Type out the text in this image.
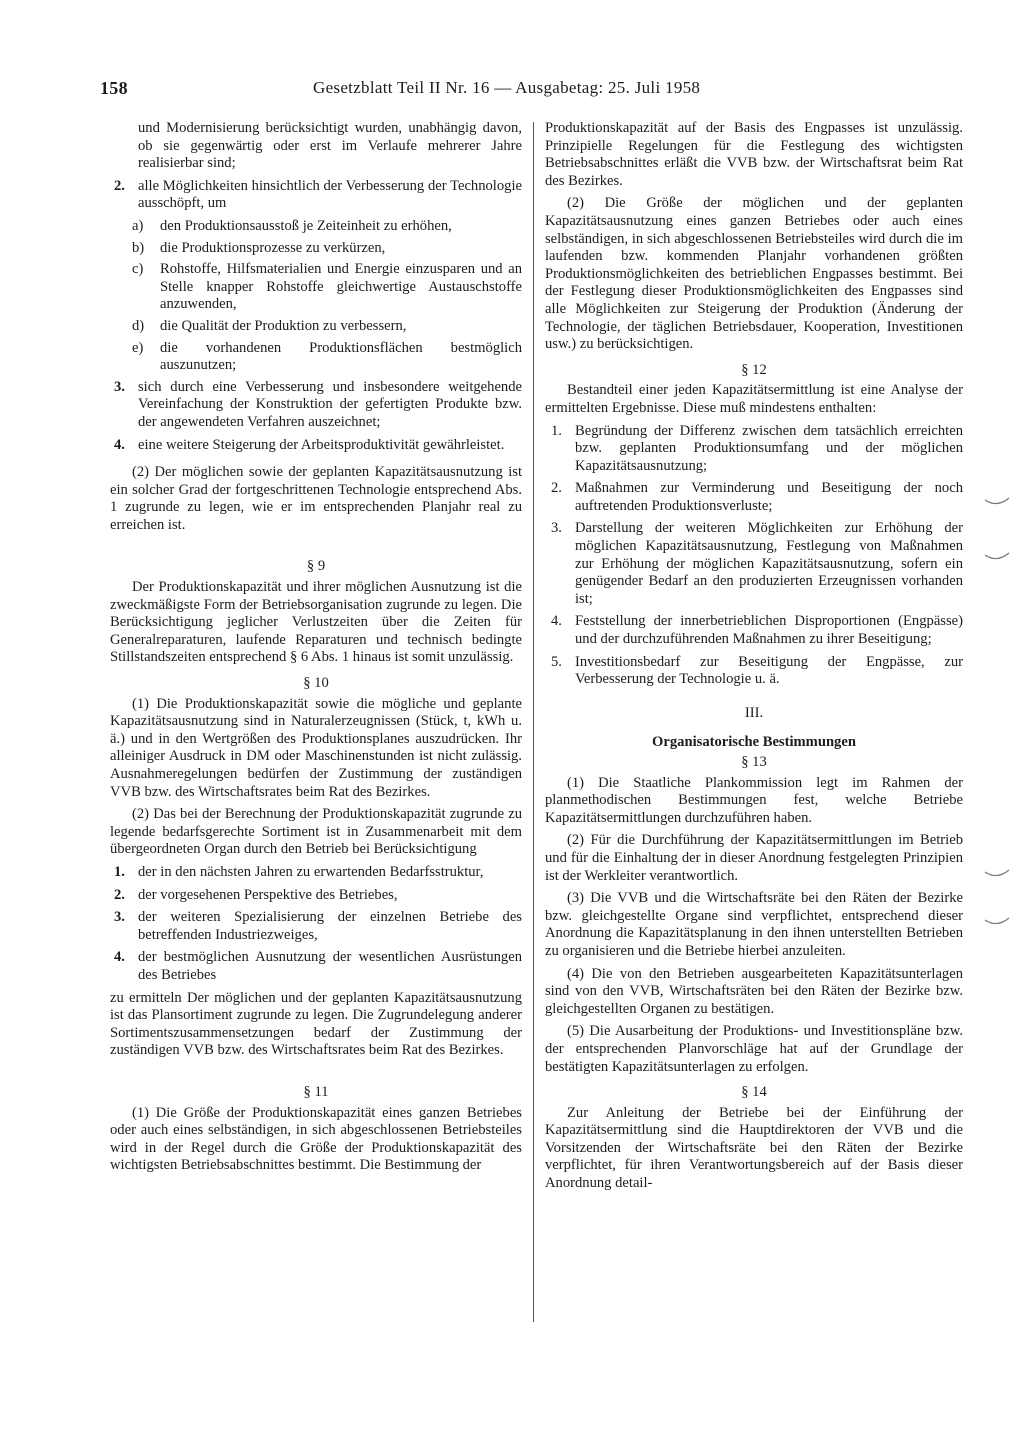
158	Gesetzblatt Teil II Nr. 16 — Ausgabetag: 25. Juli 1958

und Modernisierung berücksichtigt wurden, unabhängig davon, ob sie gegenwärtig oder erst im Verlaufe mehrerer Jahre realisierbar sind;

2. alle Möglichkeiten hinsichtlich der Verbesserung der Technologie ausschöpft, um
a) den Produktionsausstoß je Zeiteinheit zu erhöhen,
b) die Produktionsprozesse zu verkürzen,
c) Rohstoffe, Hilfsmaterialien und Energie einzusparen und an Stelle knapper Rohstoffe gleichwertige Austauschstoffe anzuwenden,
d) die Qualität der Produktion zu verbessern,
e) die vorhandenen Produktionsflächen bestmöglich auszunutzen;
3. sich durch eine Verbesserung und insbesondere weitgehende Vereinfachung der Konstruktion der gefertigten Produkte bzw. der angewendeten Verfahren auszeichnet;
4. eine weitere Steigerung der Arbeitsproduktivität gewährleistet.

(2) Der möglichen sowie der geplanten Kapazitätsausnutzung ist ein solcher Grad der fortgeschrittenen Technologie entsprechend Abs. 1 zugrunde zu legen, wie er im entsprechenden Planjahr real zu erreichen ist.

§ 9

Der Produktionskapazität und ihrer möglichen Ausnutzung ist die zweckmäßigste Form der Betriebsorganisation zugrunde zu legen. Die Berücksichtigung jeglicher Verlustzeiten über die Zeiten für Generalreparaturen, laufende Reparaturen und technisch bedingte Stillstandszeiten entsprechend § 6 Abs. 1 hinaus ist somit unzulässig.

§ 10

(1) Die Produktionskapazität sowie die mögliche und geplante Kapazitätsausnutzung sind in Naturalerzeugnissen (Stück, t, kWh u. ä.) und in den Wertgrößen des Produktionsplanes auszudrücken. Ihr alleiniger Ausdruck in DM oder Maschinenstunden ist nicht zulässig. Ausnahmeregelungen bedürfen der Zustimmung der zuständigen VVB bzw. des Wirtschaftsrates beim Rat des Bezirkes.

(2) Das bei der Berechnung der Produktionskapazität zugrunde zu legende bedarfsgerechte Sortiment ist in Zusammenarbeit mit dem übergeordneten Organ durch den Betrieb bei Berücksichtigung

1. der in den nächsten Jahren zu erwartenden Bedarfsstruktur,
2. der vorgesehenen Perspektive des Betriebes,
3. der weiteren Spezialisierung der einzelnen Betriebe des betreffenden Industriezweiges,
4. der bestmöglichen Ausnutzung der wesentlichen Ausrüstungen des Betriebes

zu ermitteln Der möglichen und der geplanten Kapazitätsausnutzung ist das Plansortiment zugrunde zu legen. Die Zugrundelegung anderer Sortimentszusammensetzungen bedarf der Zustimmung der zuständigen VVB bzw. des Wirtschaftsrates beim Rat des Bezirkes.

§ 11

(1) Die Größe der Produktionskapazität eines ganzen Betriebes oder auch eines selbständigen, in sich abgeschlossenen Betriebsteiles wird in der Regel durch die Größe der Produktionskapazität des wichtigsten Betriebsabschnittes bestimmt. Die Bestimmung der

Produktionskapazität auf der Basis des Engpasses ist unzulässig. Prinzipielle Regelungen für die Festlegung des wichtigsten Betriebsabschnittes erläßt die VVB bzw. der Wirtschaftsrat beim Rat des Bezirkes.

(2) Die Größe der möglichen und der geplanten Kapazitätsausnutzung eines ganzen Betriebes oder auch eines selbständigen, in sich abgeschlossenen Betriebsteiles wird durch die im laufenden bzw. kommenden Planjahr vorhandenen größten Produktionsmöglichkeiten des betrieblichen Engpasses bestimmt. Bei der Festlegung dieser Produktionsmöglichkeiten des Engpasses sind alle Möglichkeiten zur Steigerung der Produktion (Änderung der Technologie, der täglichen Betriebsdauer, Kooperation, Investitionen usw.) zu berücksichtigen.

§ 12

Bestandteil einer jeden Kapazitätsermittlung ist eine Analyse der ermittelten Ergebnisse. Diese muß mindestens enthalten:

1. Begründung der Differenz zwischen dem tatsächlich erreichten bzw. geplanten Produktionsumfang und der möglichen Kapazitätsausnutzung;
2. Maßnahmen zur Verminderung und Beseitigung der noch auftretenden Produktionsverluste;
3. Darstellung der weiteren Möglichkeiten zur Erhöhung der möglichen Kapazitätsausnutzung, Festlegung von Maßnahmen zur Erhöhung der möglichen Kapazitätsausnutzung, sofern ein genügender Bedarf an den produzierten Erzeugnissen vorhanden ist;
4. Feststellung der innerbetrieblichen Disproportionen (Engpässe) und der durchzuführenden Maßnahmen zu ihrer Beseitigung;
5. Investitionsbedarf zur Beseitigung der Engpässe, zur Verbesserung der Technologie u. ä.
III.
Organisatorische Bestimmungen
§ 13

(1) Die Staatliche Plankommission legt im Rahmen der planmethodischen Bestimmungen fest, welche Betriebe Kapazitätsermittlungen durchzuführen haben.

(2) Für die Durchführung der Kapazitätsermittlungen im Betrieb und für die Einhaltung der in dieser Anordnung festgelegten Prinzipien ist der Werkleiter verantwortlich.

(3) Die VVB und die Wirtschaftsräte bei den Räten der Bezirke bzw. gleichgestellte Organe sind verpflichtet, entsprechend dieser Anordnung die Kapazitätsplanung in den ihnen unterstellten Betrieben zu organisieren und die Betriebe hierbei anzuleiten.

(4) Die von den Betrieben ausgearbeiteten Kapazitätsunterlagen sind von den VVB, Wirtschaftsräten bei den Räten der Bezirke bzw. gleichgestellten Organen zu bestätigen.

(5) Die Ausarbeitung der Produktions- und Investitionspläne bzw. der entsprechenden Planvorschläge hat auf der Grundlage der bestätigten Kapazitätsunterlagen zu erfolgen.

§ 14

Zur Anleitung der Betriebe bei der Einführung der Kapazitätsermittlung sind die Hauptdirektoren der VVB und die Vorsitzenden der Wirtschaftsräte bei den Räten der Bezirke verpflichtet, für ihren Verantwortungsbereich auf der Basis dieser Anordnung detail-
